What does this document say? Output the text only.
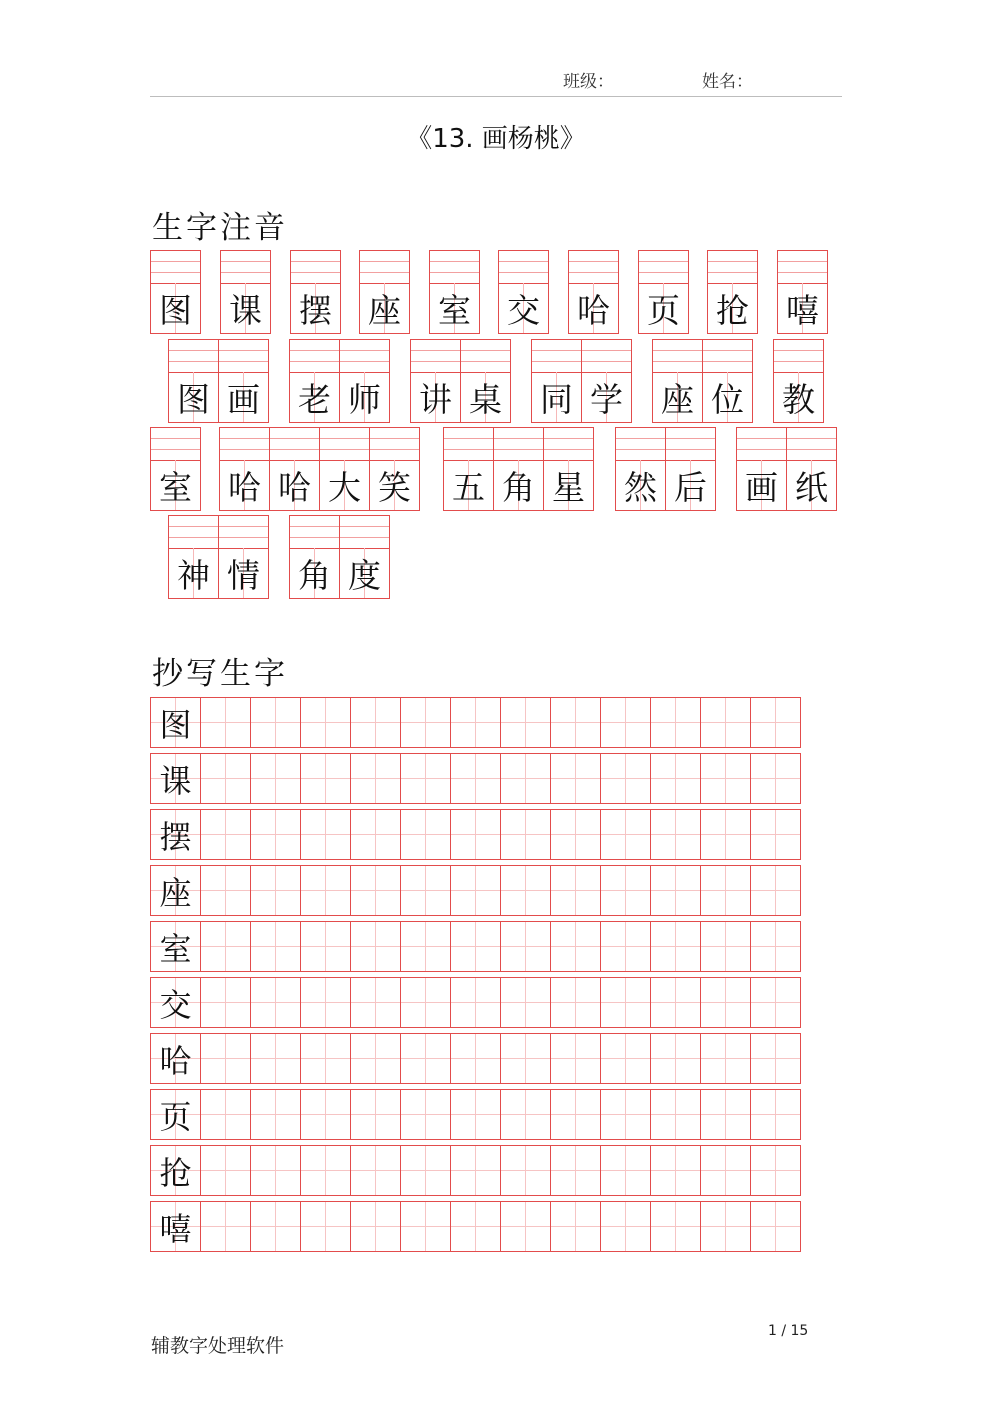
班级：	姓名：
《13. 画杨桃》
生字注音
图 课 摆 座 室 交 哈 页 抢 嘻
图 画 老 师 讲 桌 同 学 座 位 教
室 哈 哈 大 笑 五 角 星 然 后 画 纸
神 情 角 度
抄写生字
图
课
摆
座
室
交
哈
页
抢
嘻
辅教字处理软件
1 / 15
